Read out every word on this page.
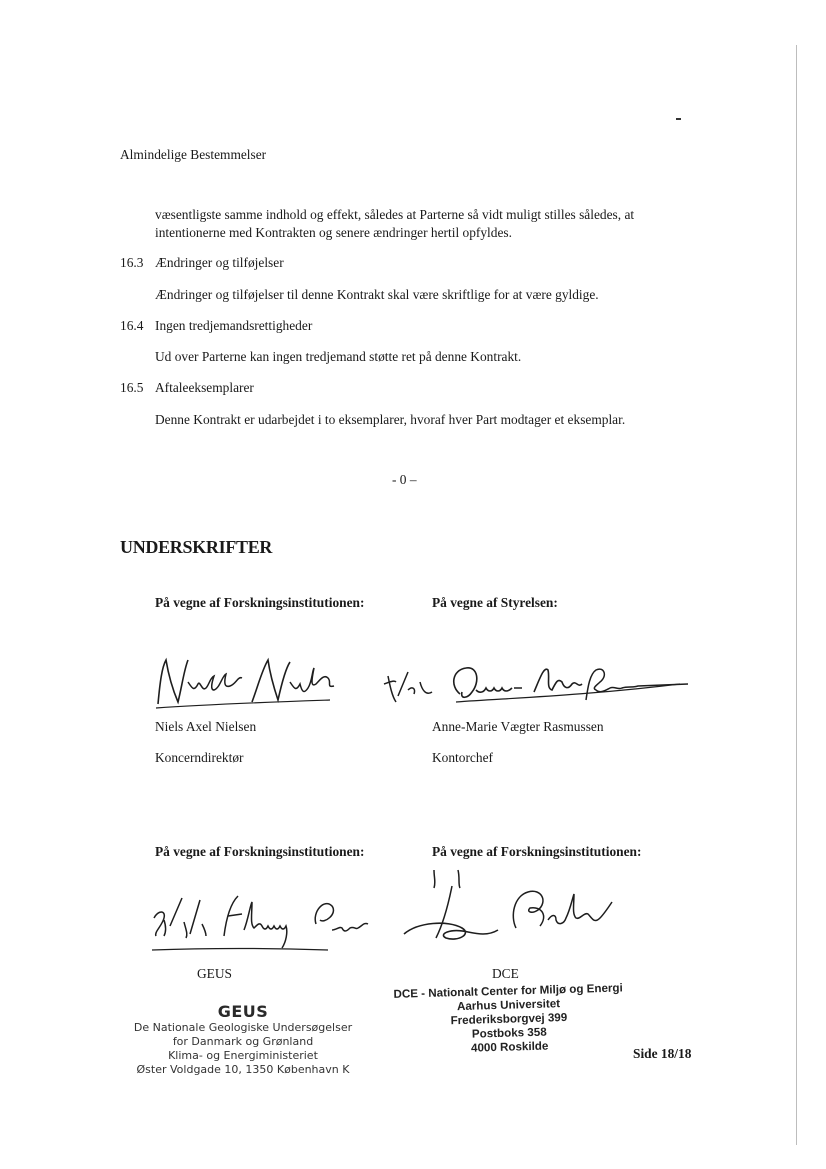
Almindelige Bestemmelser
væsentligste samme indhold og effekt, således at Parterne så vidt muligt stilles således, at
intentionerne med Kontrakten og senere ændringer hertil opfyldes.
16.3 Ændringer og tilføjelser
Ændringer og tilføjelser til denne Kontrakt skal være skriftlige for at være gyldige.
16.4 Ingen tredjemandsrettigheder
Ud over Parterne kan ingen tredjemand støtte ret på denne Kontrakt.
16.5 Aftaleeksemplarer
Denne Kontrakt er udarbejdet i to eksemplarer, hvoraf hver Part modtager et eksemplar.
- 0 –
UNDERSKRIFTER
På vegne af Forskningsinstitutionen:	På vegne af Styrelsen:
Niels Axel Nielsen	Anne-Marie Vægter Rasmussen
Koncerndirektør	Kontorchef
På vegne af Forskningsinstitutionen:	På vegne af Forskningsinstitutionen:
GEUS	DCE
GEUS
De Nationale Geologiske Undersøgelser
for Danmark og Grønland
Klima- og Energiministeriet
Øster Voldgade 10, 1350 København K
DCE - Nationalt Center for Miljø og Energi
Aarhus Universitet
Frederiksborgvej 399
Postboks 358
4000 Roskilde	Side 18/18
